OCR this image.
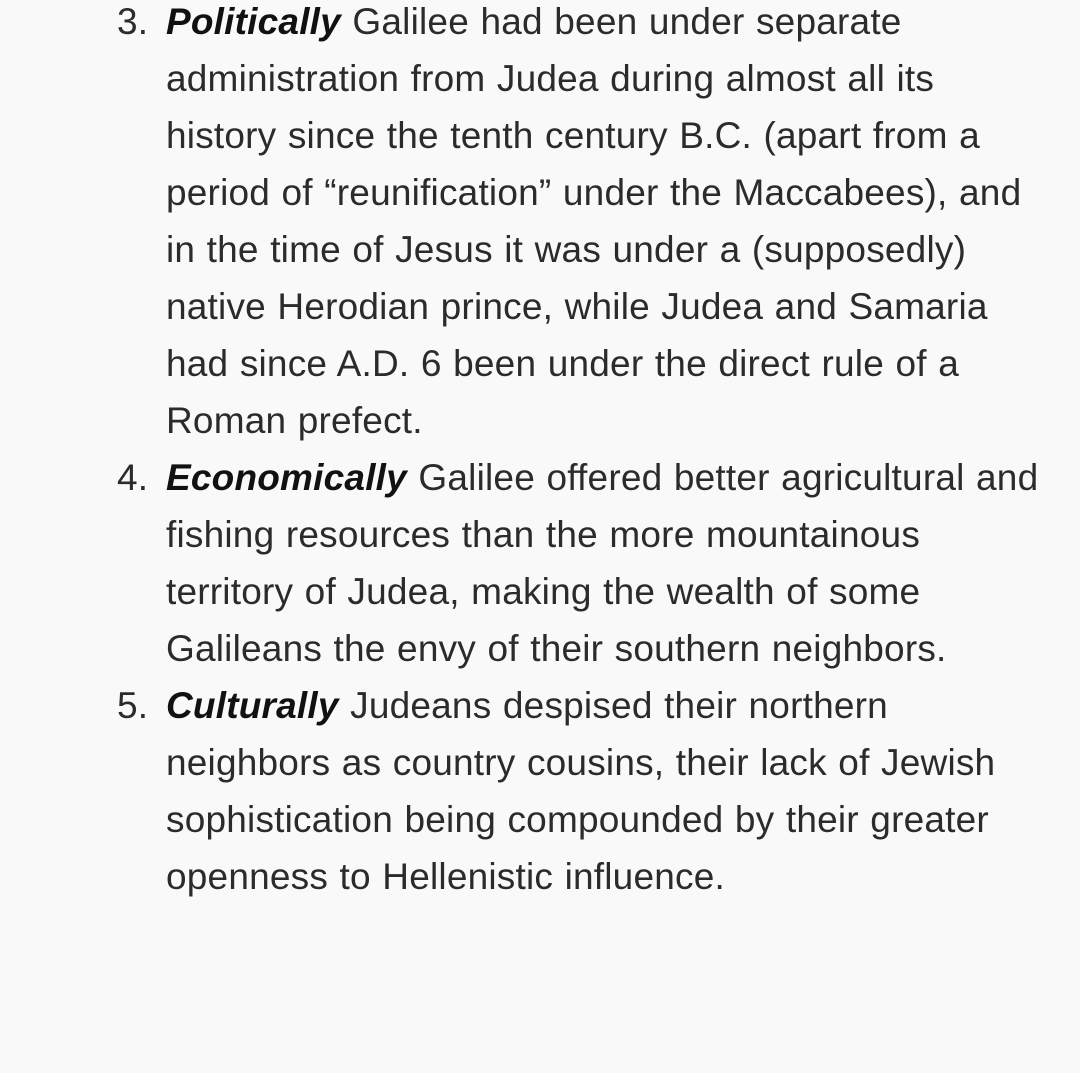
3. Politically Galilee had been under separate administration from Judea during almost all its history since the tenth century B.C. (apart from a period of “reunification” under the Maccabees), and in the time of Jesus it was under a (supposedly) native Herodian prince, while Judea and Samaria had since A.D. 6 been under the direct rule of a Roman prefect.
4. Economically Galilee offered better agricultural and fishing resources than the more mountainous territory of Judea, making the wealth of some Galileans the envy of their southern neighbors.
5. Culturally Judeans despised their northern neighbors as country cousins, their lack of Jewish sophistication being compounded by their greater openness to Hellenistic influence.
